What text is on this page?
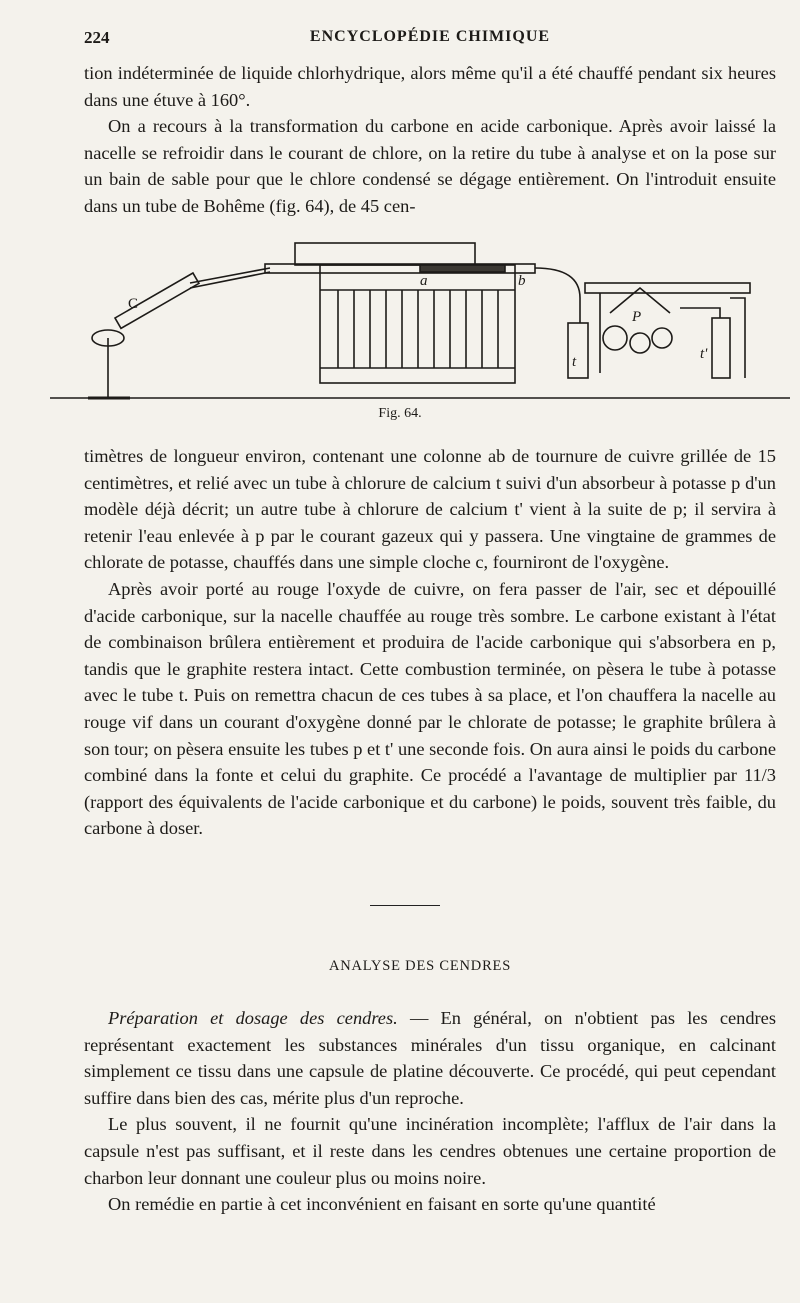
224	ENCYCLOPÉDIE CHIMIQUE

tion indéterminée de liquide chlorhydrique, alors même qu'il a été chauffé pendant six heures dans une étuve à 160°.

On a recours à la transformation du carbone en acide carbonique. Après avoir laissé la nacelle se refroidir dans le courant de chlore, on la retire du tube à analyse et on la pose sur un bain de sable pour que le chlore condensé se dégage entièrement. On l'introduit ensuite dans un tube de Bohême (fig. 64), de 45 cen-

C
a	b
P
t	t'
Fig. 64.

timètres de longueur environ, contenant une colonne ab de tournure de cuivre grillée de 15 centimètres, et relié avec un tube à chlorure de calcium t suivi d'un absorbeur à potasse p d'un modèle déjà décrit; un autre tube à chlorure de calcium t' vient à la suite de p; il servira à retenir l'eau enlevée à p par le courant gazeux qui y passera. Une vingtaine de grammes de chlorate de potasse, chauffés dans une simple cloche c, fourniront de l'oxygène.

Après avoir porté au rouge l'oxyde de cuivre, on fera passer de l'air, sec et dépouillé d'acide carbonique, sur la nacelle chauffée au rouge très sombre. Le carbone existant à l'état de combinaison brûlera entièrement et produira de l'acide carbonique qui s'absorbera en p, tandis que le graphite restera intact. Cette combustion terminée, on pèsera le tube à potasse avec le tube t. Puis on remettra chacun de ces tubes à sa place, et l'on chauffera la nacelle au rouge vif dans un courant d'oxygène donné par le chlorate de potasse; le graphite brûlera à son tour; on pèsera ensuite les tubes p et t' une seconde fois. On aura ainsi le poids du carbone combiné dans la fonte et celui du graphite. Ce procédé a l'avantage de multiplier par 11/3 (rapport des équivalents de l'acide carbonique et du carbone) le poids, souvent très faible, du carbone à doser.

ANALYSE DES CENDRES

Préparation et dosage des cendres. — En général, on n'obtient pas les cendres représentant exactement les substances minérales d'un tissu organique, en calcinant simplement ce tissu dans une capsule de platine découverte. Ce procédé, qui peut cependant suffire dans bien des cas, mérite plus d'un reproche.

Le plus souvent, il ne fournit qu'une incinération incomplète; l'afflux de l'air dans la capsule n'est pas suffisant, et il reste dans les cendres obtenues une certaine proportion de charbon leur donnant une couleur plus ou moins noire.

On remédie en partie à cet inconvénient en faisant en sorte qu'une quantité
